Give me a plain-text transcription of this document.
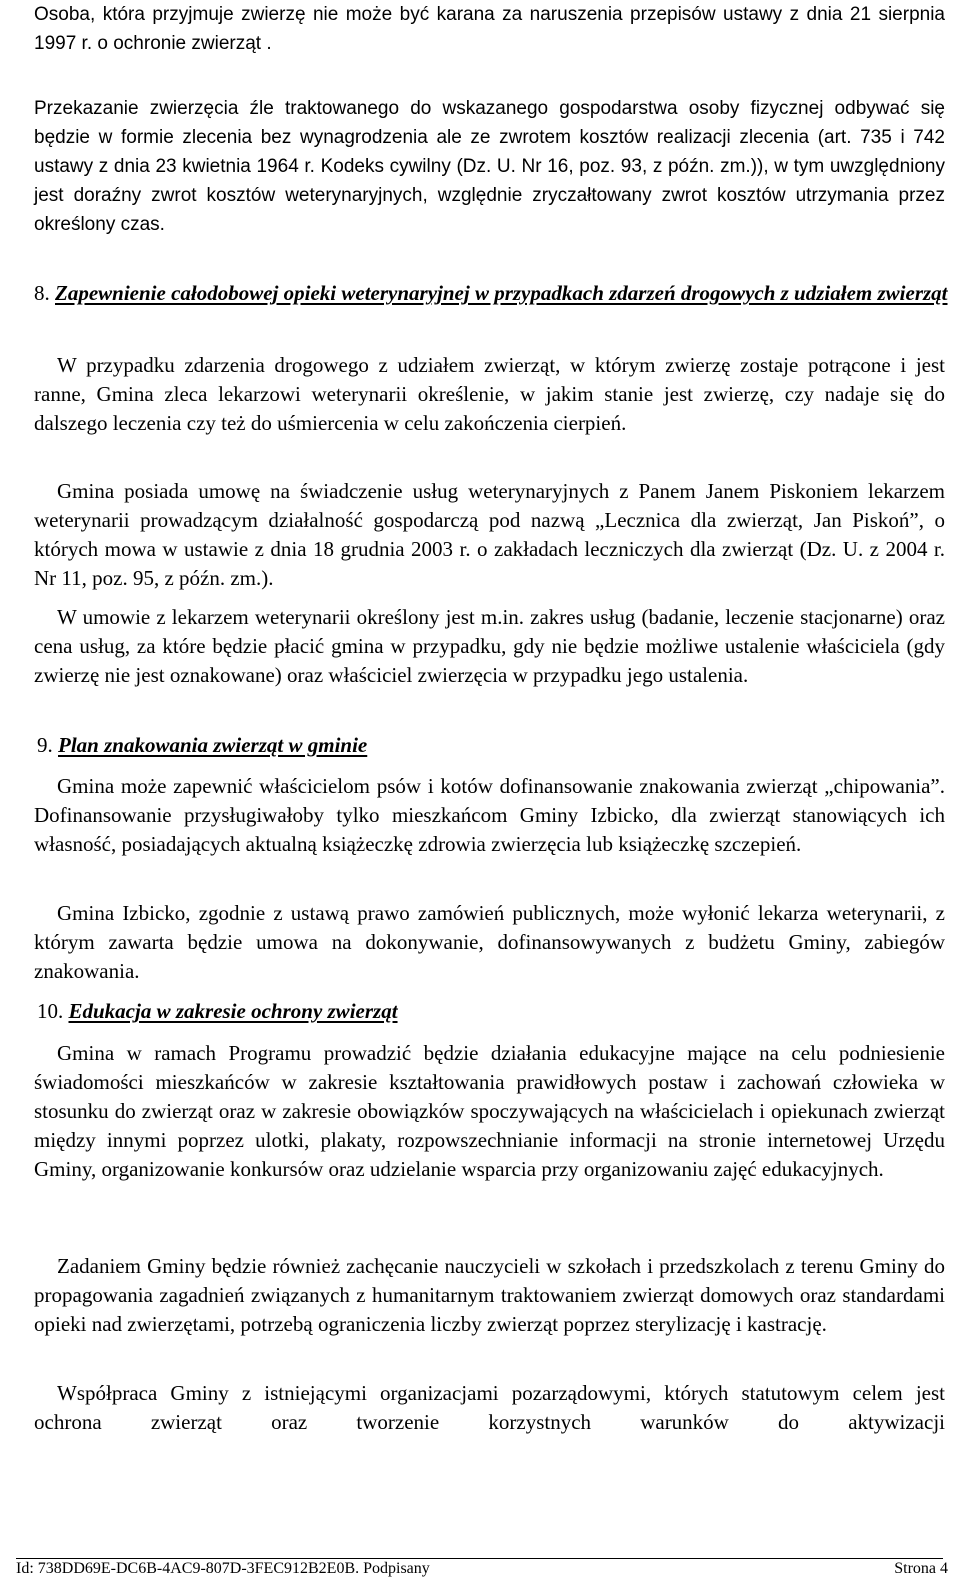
Osoba, która przyjmuje zwierzę nie może być karana za naruszenia przepisów ustawy z dnia 21 sierpnia 1997 r. o ochronie zwierząt .

Przekazanie zwierzęcia źle traktowanego do wskazanego gospodarstwa osoby fizycznej odbywać się będzie w formie zlecenia bez wynagrodzenia ale ze zwrotem kosztów realizacji zlecenia (art. 735 i 742 ustawy z dnia 23 kwietnia 1964 r. Kodeks cywilny (Dz. U. Nr 16, poz. 93, z późn. zm.)), w tym uwzględniony jest doraźny zwrot kosztów weterynaryjnych, względnie zryczałtowany zwrot kosztów utrzymania przez określony czas.

8. Zapewnienie całodobowej opieki weterynaryjnej w przypadkach zdarzeń drogowych z udziałem zwierząt

W przypadku zdarzenia drogowego z udziałem zwierząt, w którym zwierzę zostaje potrącone i jest ranne, Gmina zleca lekarzowi weterynarii określenie, w jakim stanie jest zwierzę, czy nadaje się do dalszego leczenia czy też do uśmiercenia w celu zakończenia cierpień.

Gmina posiada umowę na świadczenie usług weterynaryjnych z Panem Janem Piskoniem lekarzem weterynarii prowadzącym działalność gospodarczą pod nazwą „Lecznica dla zwierząt, Jan Piskoń”, o których mowa w ustawie z dnia 18 grudnia 2003 r. o zakładach leczniczych dla zwierząt (Dz. U. z 2004 r. Nr 11, poz. 95, z późn. zm.).

W umowie z lekarzem weterynarii określony jest m.in. zakres usług (badanie, leczenie stacjonarne) oraz cena usług, za które będzie płacić gmina w przypadku, gdy nie będzie możliwe ustalenie właściciela (gdy zwierzę nie jest oznakowane) oraz właściciel zwierzęcia w przypadku jego ustalenia.

9. Plan znakowania zwierząt w gminie

Gmina może zapewnić właścicielom psów i kotów dofinansowanie znakowania zwierząt „chipowania”. Dofinansowanie przysługiwałoby tylko mieszkańcom Gminy Izbicko, dla zwierząt stanowiących ich własność, posiadających aktualną książeczkę zdrowia zwierzęcia lub książeczkę szczepień.

Gmina Izbicko, zgodnie z ustawą prawo zamówień publicznych, może wyłonić lekarza weterynarii, z którym zawarta będzie umowa na dokonywanie, dofinansowywanych z budżetu Gminy, zabiegów znakowania.

10. Edukacja w zakresie ochrony zwierząt

Gmina w ramach Programu prowadzić będzie działania edukacyjne mające na celu podniesienie świadomości mieszkańców w zakresie kształtowania prawidłowych postaw i zachowań człowieka w stosunku do zwierząt oraz w zakresie obowiązków spoczywających na właścicielach i opiekunach zwierząt między innymi poprzez ulotki, plakaty, rozpowszechnianie informacji na stronie internetowej Urzędu Gminy, organizowanie konkursów oraz udzielanie wsparcia przy organizowaniu zajęć edukacyjnych.

Zadaniem Gminy będzie również zachęcanie nauczycieli w szkołach i przedszkolach z terenu Gminy do propagowania zagadnień związanych z humanitarnym traktowaniem zwierząt domowych oraz standardami opieki nad zwierzętami, potrzebą ograniczenia liczby zwierząt poprzez sterylizację i kastrację.

Współpraca Gminy z istniejącymi organizacjami pozarządowymi, których statutowym celem jest ochrona zwierząt oraz tworzenie korzystnych warunków do aktywizacji

Id: 738DD69E-DC6B-4AC9-807D-3FEC912B2E0B. Podpisany	Strona 4
